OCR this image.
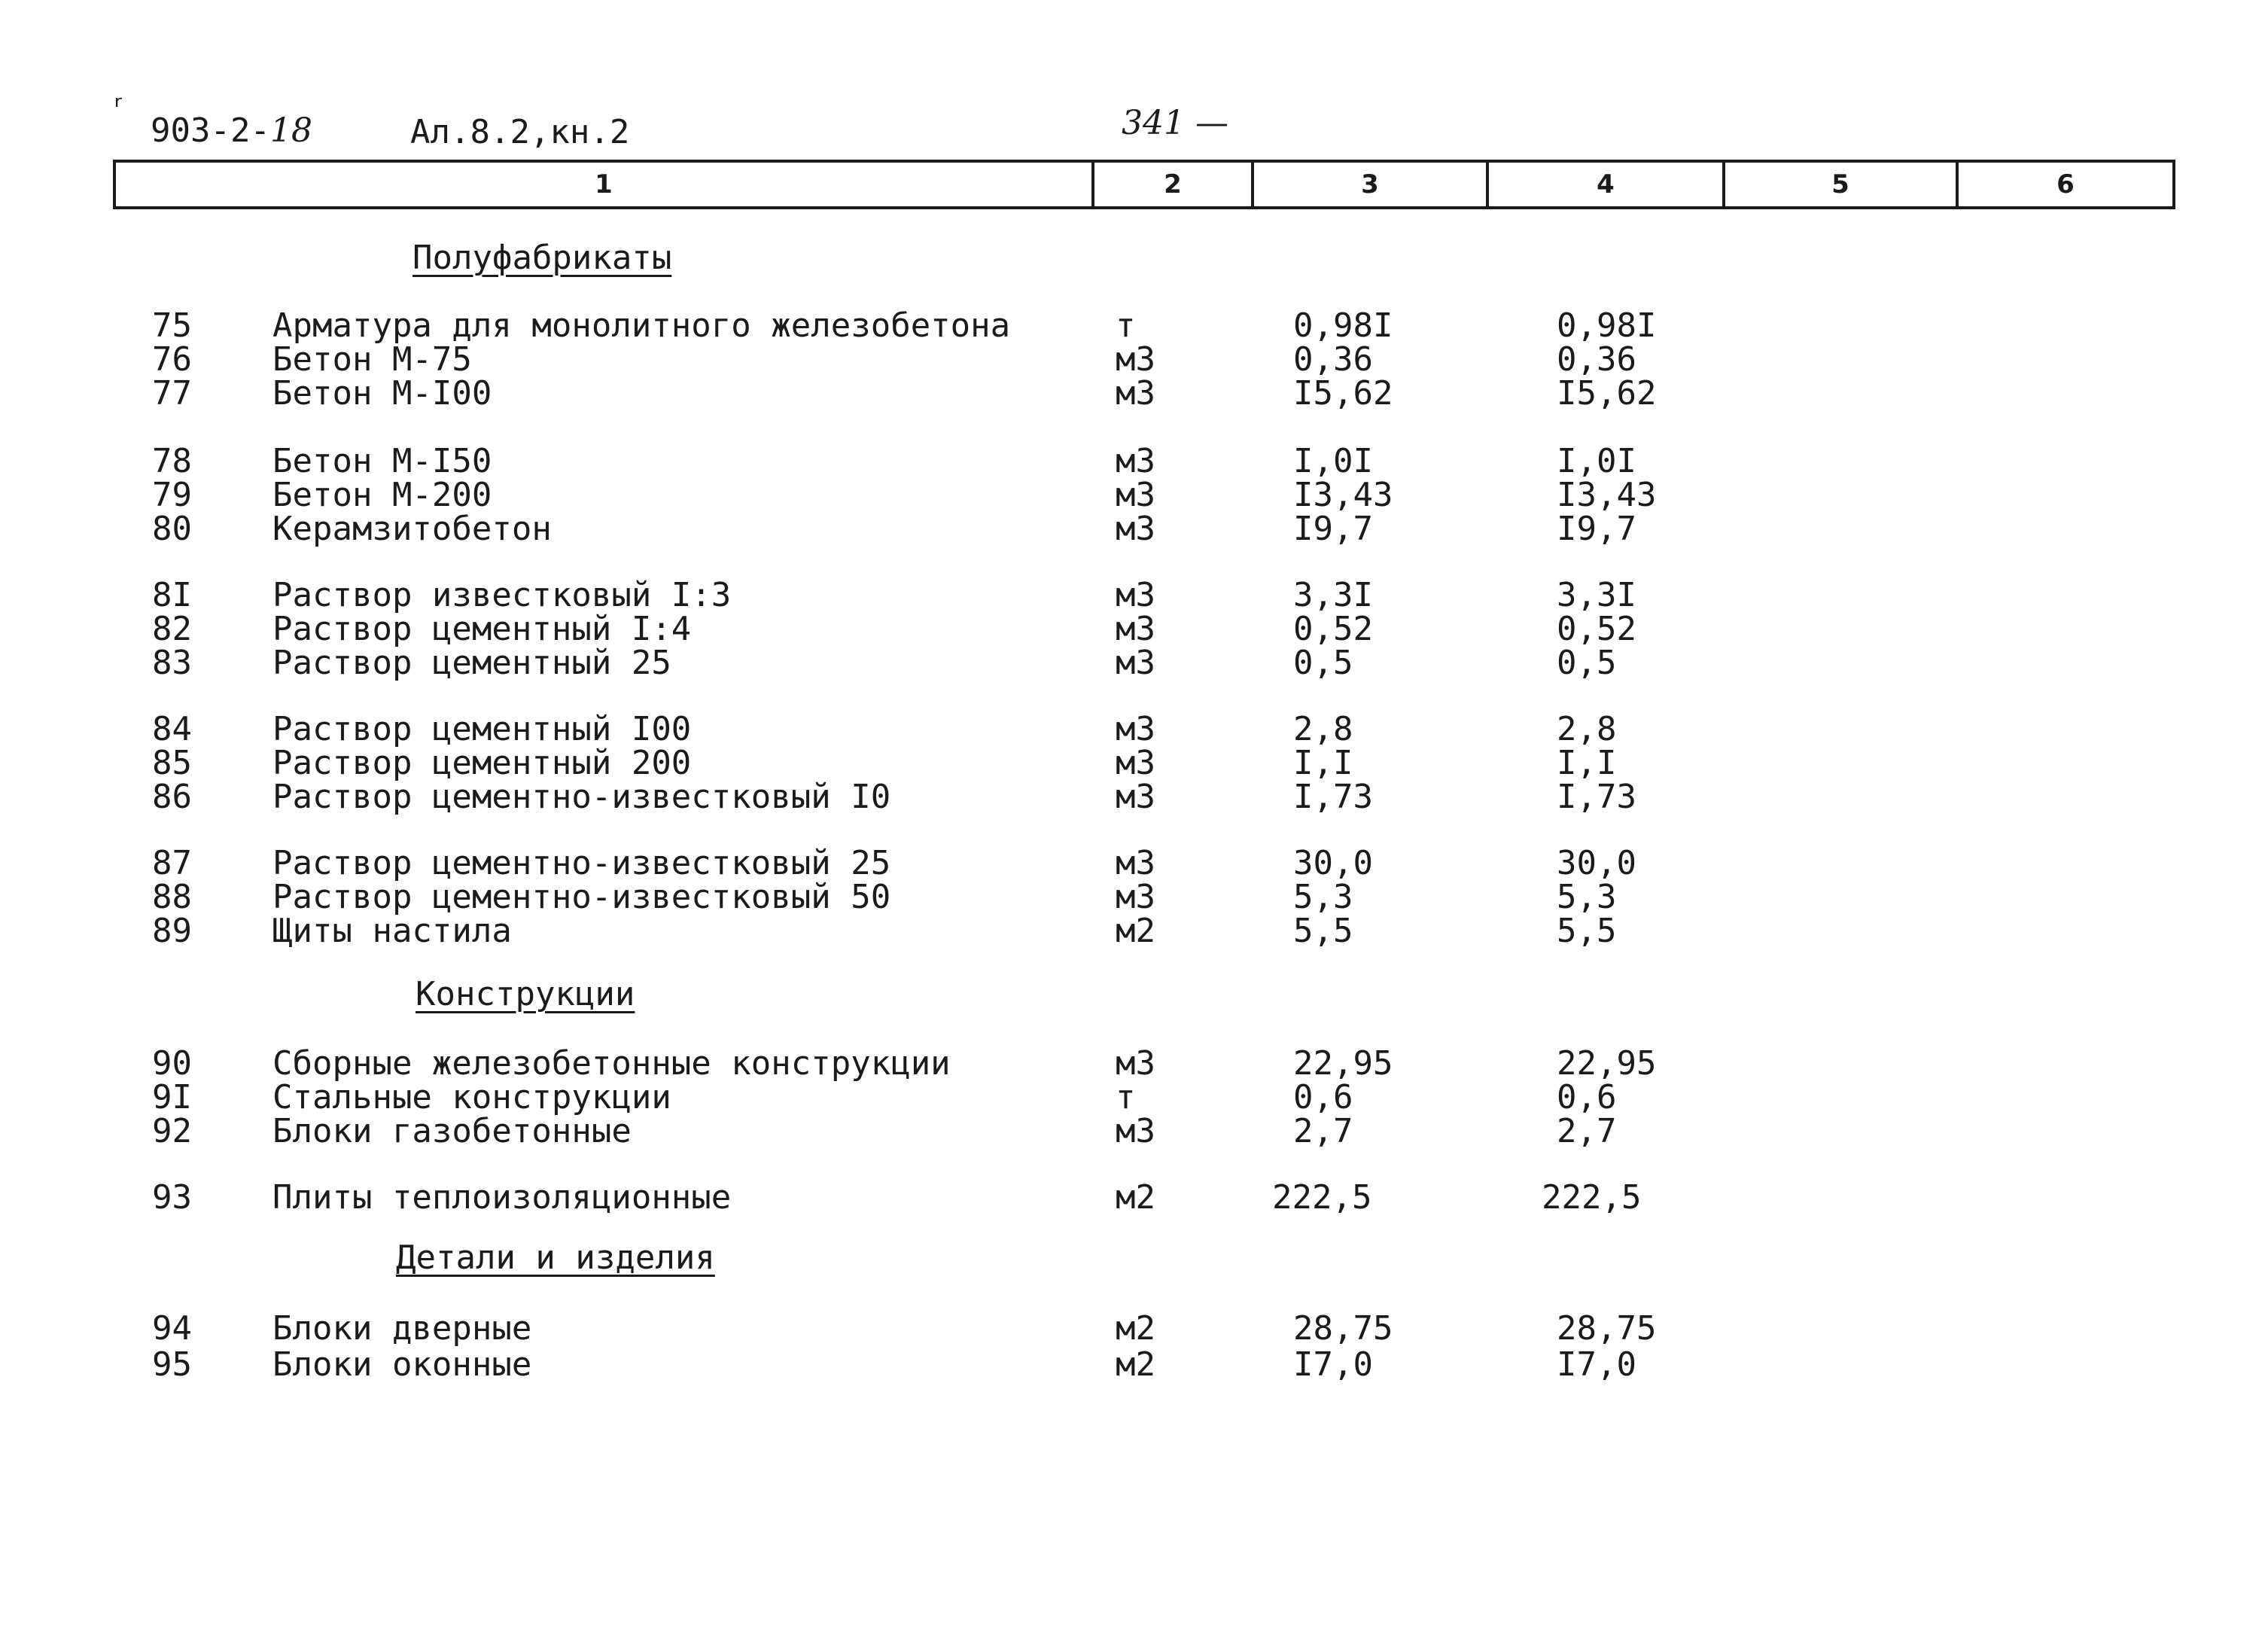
903-2-18	Ал.8.2,кн.2	341 —
ʳ
1	2	3	4	5	6
Полуфабрикаты
75 Арматура для монолитного железобетона	т	0,98I	0,98I
76 Бетон М-75	м3	0,36	0,36
77 Бетон М-I00	м3	I5,62	I5,62
78 Бетон М-I50	м3	I,0I	I,0I
79 Бетон М-200	м3	I3,43	I3,43
80 Керамзитобетон	м3	I9,7	I9,7
8I Раствор известковый I:3	м3	3,3I	3,3I
82 Раствор цементный I:4	м3	0,52	0,52
83 Раствор цементный 25	м3	0,5	0,5
84 Раствор цементный I00	м3	2,8	2,8
85 Раствор цементный 200	м3	I,I	I,I
86 Раствор цементно-известковый I0	м3	I,73	I,73
87 Раствор цементно-известковый 25	м3	30,0	30,0
88 Раствор цементно-известковый 50	м3	5,3	5,3
89 Щиты настила	м2	5,5	5,5
Конструкции
90 Сборные железобетонные конструкции	м3	22,95	22,95
9I Стальные конструкции	т	0,6	0,6
92 Блоки газобетонные	м3	2,7	2,7
93 Плиты теплоизоляционные	м2	222,5	222,5
Детали и изделия
94 Блоки дверные	м2	28,75	28,75
95 Блоки оконные	м2	I7,0	I7,0
